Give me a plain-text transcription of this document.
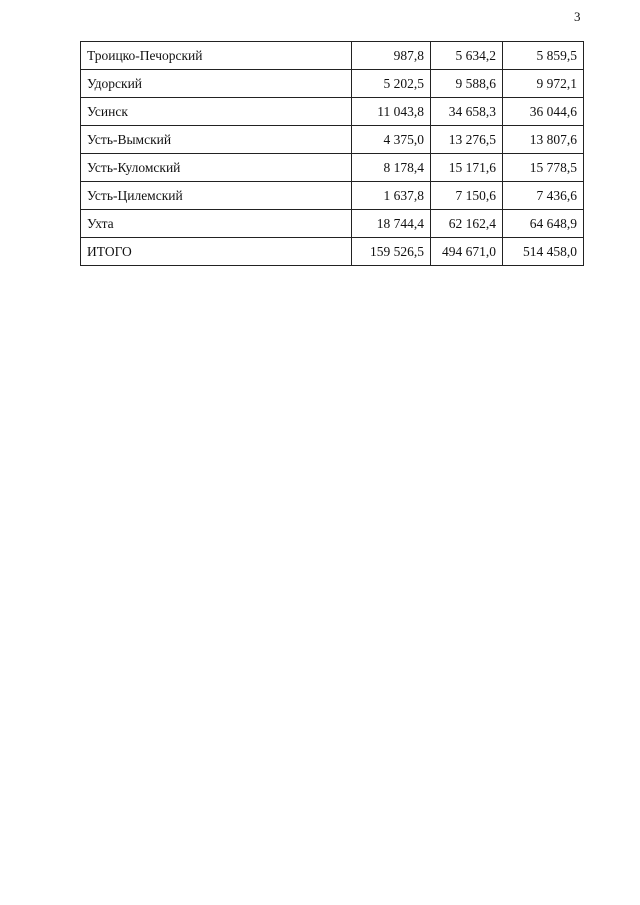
3
Троицко-Печорский	987,8	5 634,2	5 859,5
Удорский	5 202,5	9 588,6	9 972,1
Усинск	11 043,8	34 658,3	36 044,6
Усть-Вымский	4 375,0	13 276,5	13 807,6
Усть-Куломский	8 178,4	15 171,6	15 778,5
Усть-Цилемский	1 637,8	7 150,6	7 436,6
Ухта	18 744,4	62 162,4	64 648,9
ИТОГО	159 526,5	494 671,0	514 458,0
